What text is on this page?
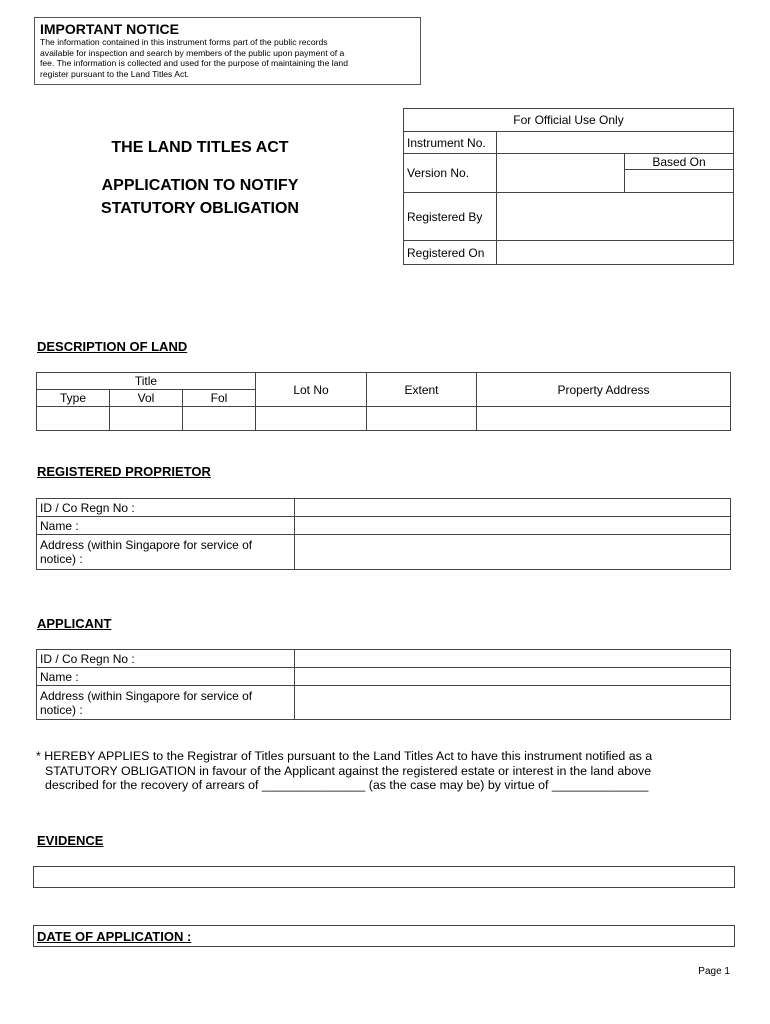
IMPORTANT NOTICE
The information contained in this instrument forms part of the public records
available for inspection and search by members of the public upon payment of a
fee. The information is collected and used for the purpose of maintaining the land
register pursuant to the Land Titles Act.
THE LAND TITLES ACT
APPLICATION TO NOTIFY
STATUTORY OBLIGATION
For Official Use Only		
Instrument No.		
Version No.		Based On

Registered By		
Registered On		
DESCRIPTION OF LAND
Title			Lot No	Extent	Property Address
Type	Vol	Fol			

REGISTERED PROPRIETOR
ID / Co Regn No :	
Name :	

Address (within Singapore for service of
notice) :	

APPLICANT
ID / Co Regn No :	
Name :	

Address (within Singapore for service of
notice) :	

* HEREBY APPLIES to the Registrar of Titles pursuant to the Land Titles Act to have this instrument notified as a
STATUTORY OBLIGATION in favour of the Applicant against the registered estate or interest in the land above
described for the recovery of arrears of _______________ (as the case may be) by virtue of ______________
EVIDENCE
DATE OF APPLICATION :
Page 1
